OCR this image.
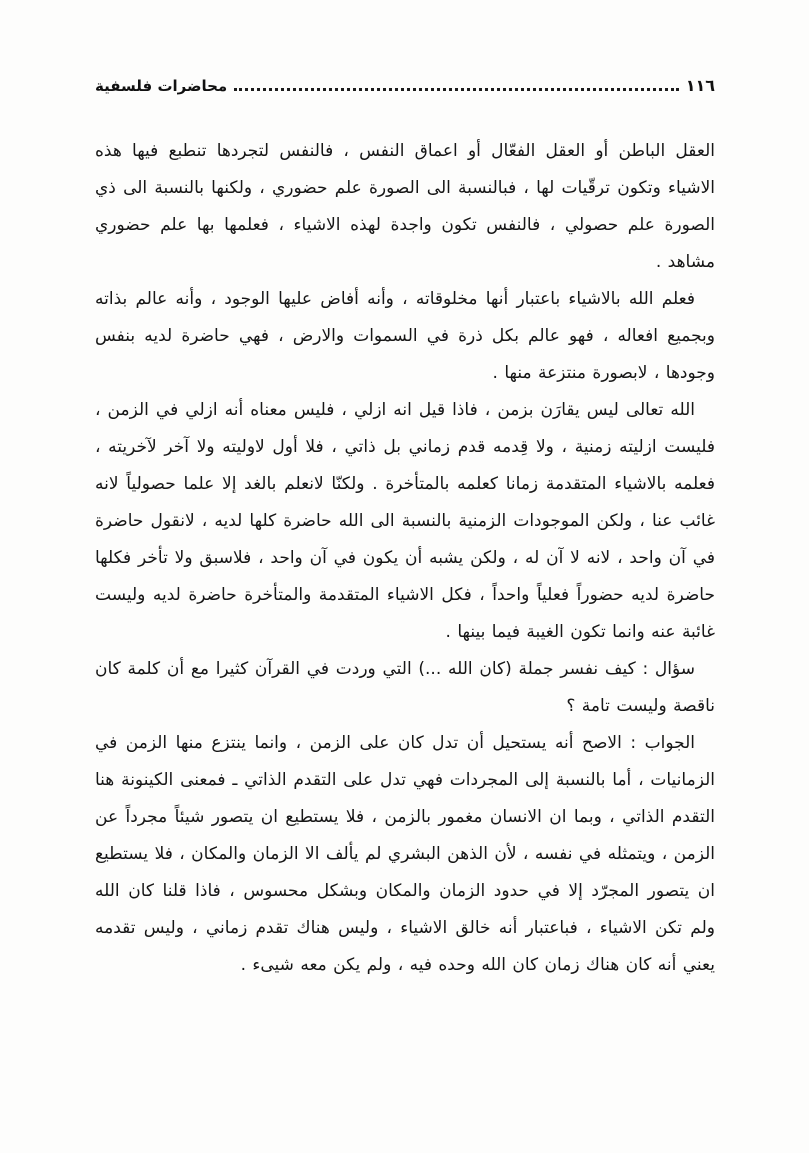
محاضرات فلسفية	١١٦

العقل الباطن أو العقل الفعّال أو اعماق النفس ، فالنفس لتجردها تنطبع فيها هذه الاشياء وتكون ترقّيات لها ، فبالنسبة الى الصورة علم حضوري ، ولكنها بالنسبة الى ذي الصورة علم حصولي ، فالنفس تكون واجدة لهذه الاشياء ، فعلمها بها علم حضوري مشاهد .

فعلم الله بالاشياء باعتبار أنها مخلوقاته ، وأنه أفاض عليها الوجود ، وأنه عالم بذاته وبجميع افعاله ، فهو عالم بكل ذرة في السموات والارض ، فهي حاضرة لديه بنفس وجودها ، لابصورة منتزعة منها .

الله تعالى ليس يقارَن بزمن ، فاذا قيل انه ازلي ، فليس معناه أنه ازلي في الزمن ، فليست ازليته زمنية ، ولا قِدمه قدم زماني بل ذاتي ، فلا أول لاوليته ولا آخر لآخريته ، فعلمه بالاشياء المتقدمة زمانا كعلمه بالمتأخرة . ولكنّا لانعلم بالغد إلا علما حصولياً لانه غائب عنا ، ولكن الموجودات الزمنية بالنسبة الى الله حاضرة كلها لديه ، لانقول حاضرة في آن واحد ، لانه لا آن له ، ولكن يشبه أن يكون في آن واحد ، فلاسبق ولا تأخر فكلها حاضرة لديه حضوراً فعلياً واحداً ، فكل الاشياء المتقدمة والمتأخرة حاضرة لديه وليست غائبة عنه وانما تكون الغيبة فيما بينها .

سؤال : كيف نفسر جملة (كان الله ...) التي وردت في القرآن كثيرا مع أن كلمة كان ناقصة وليست تامة ؟

الجواب : الاصح أنه يستحيل أن تدل كان على الزمن ، وانما ينتزع منها الزمن في الزمانيات ، أما بالنسبة إلى المجردات فهي تدل على التقدم الذاتي ـ فمعنى الكينونة هنا التقدم الذاتي ، وبما ان الانسان مغمور بالزمن ، فلا يستطيع ان يتصور شيئاً مجرداً عن الزمن ، ويتمثله في نفسه ، لأن الذهن البشري لم يألف الا الزمان والمكان ، فلا يستطيع ان يتصور المجرّد إلا في حدود الزمان والمكان وبشكل محسوس ، فاذا قلنا كان الله ولم تكن الاشياء ، فباعتبار أنه خالق الاشياء ، وليس هناك تقدم زماني ، وليس تقدمه يعني أنه كان هناك زمان كان الله وحده فيه ، ولم يكن معه شيىء .
